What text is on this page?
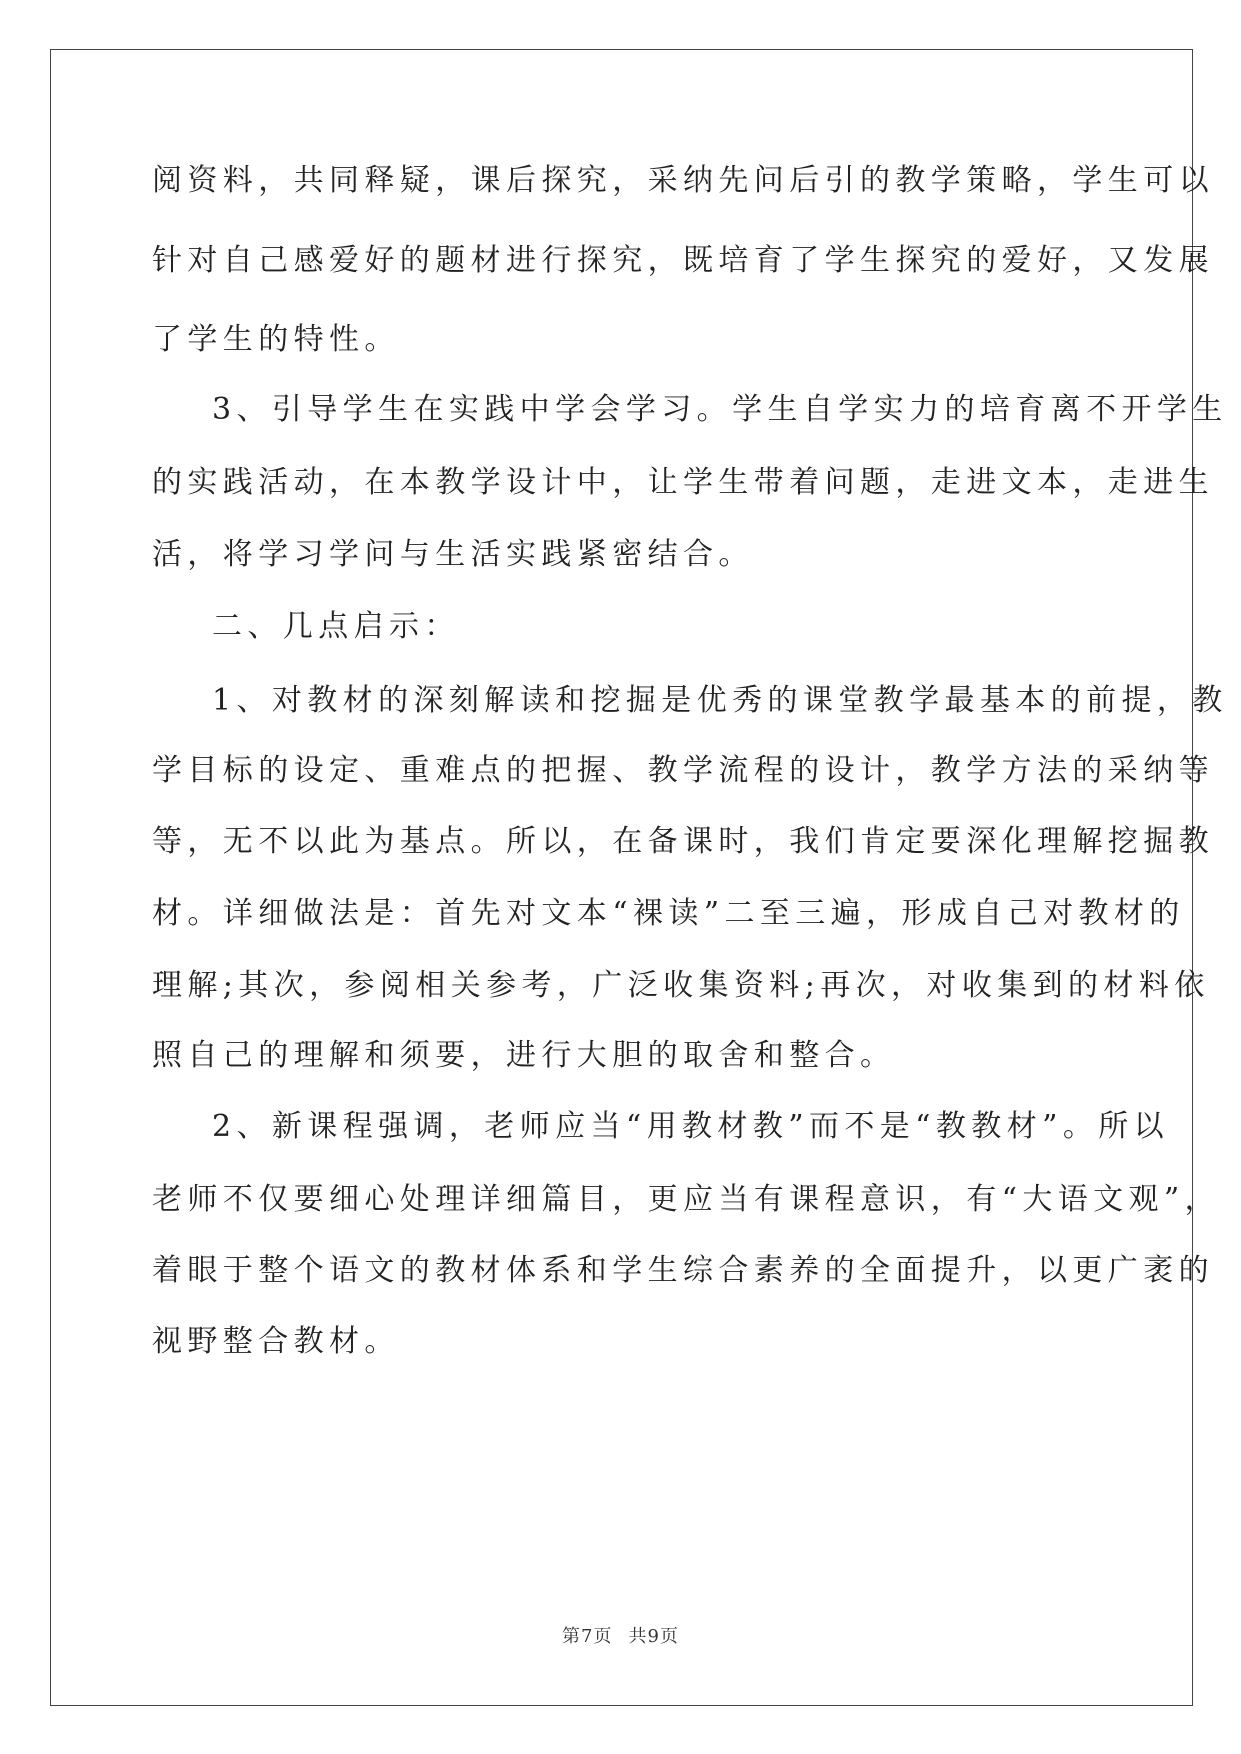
阅资料，共同释疑，课后探究，采纳先问后引的教学策略，学生可以
针对自己感爱好的题材进行探究，既培育了学生探究的爱好，又发展
了学生的特性。
3、引导学生在实践中学会学习。学生自学实力的培育离不开学生
的实践活动，在本教学设计中，让学生带着问题，走进文本，走进生
活，将学习学问与生活实践紧密结合。
二、几点启示：
1、对教材的深刻解读和挖掘是优秀的课堂教学最基本的前提，教
学目标的设定、重难点的把握、教学流程的设计，教学方法的采纳等
等，无不以此为基点。所以，在备课时，我们肯定要深化理解挖掘教
材。详细做法是：首先对文本“裸读”二至三遍，形成自己对教材的
理解;其次，参阅相关参考，广泛收集资料;再次，对收集到的材料依
照自己的理解和须要，进行大胆的取舍和整合。
2、新课程强调，老师应当“用教材教”而不是“教教材”。所以
老师不仅要细心处理详细篇目，更应当有课程意识，有“大语文观”，
着眼于整个语文的教材体系和学生综合素养的全面提升，以更广袤的
视野整合教材。
第7页 共9页
